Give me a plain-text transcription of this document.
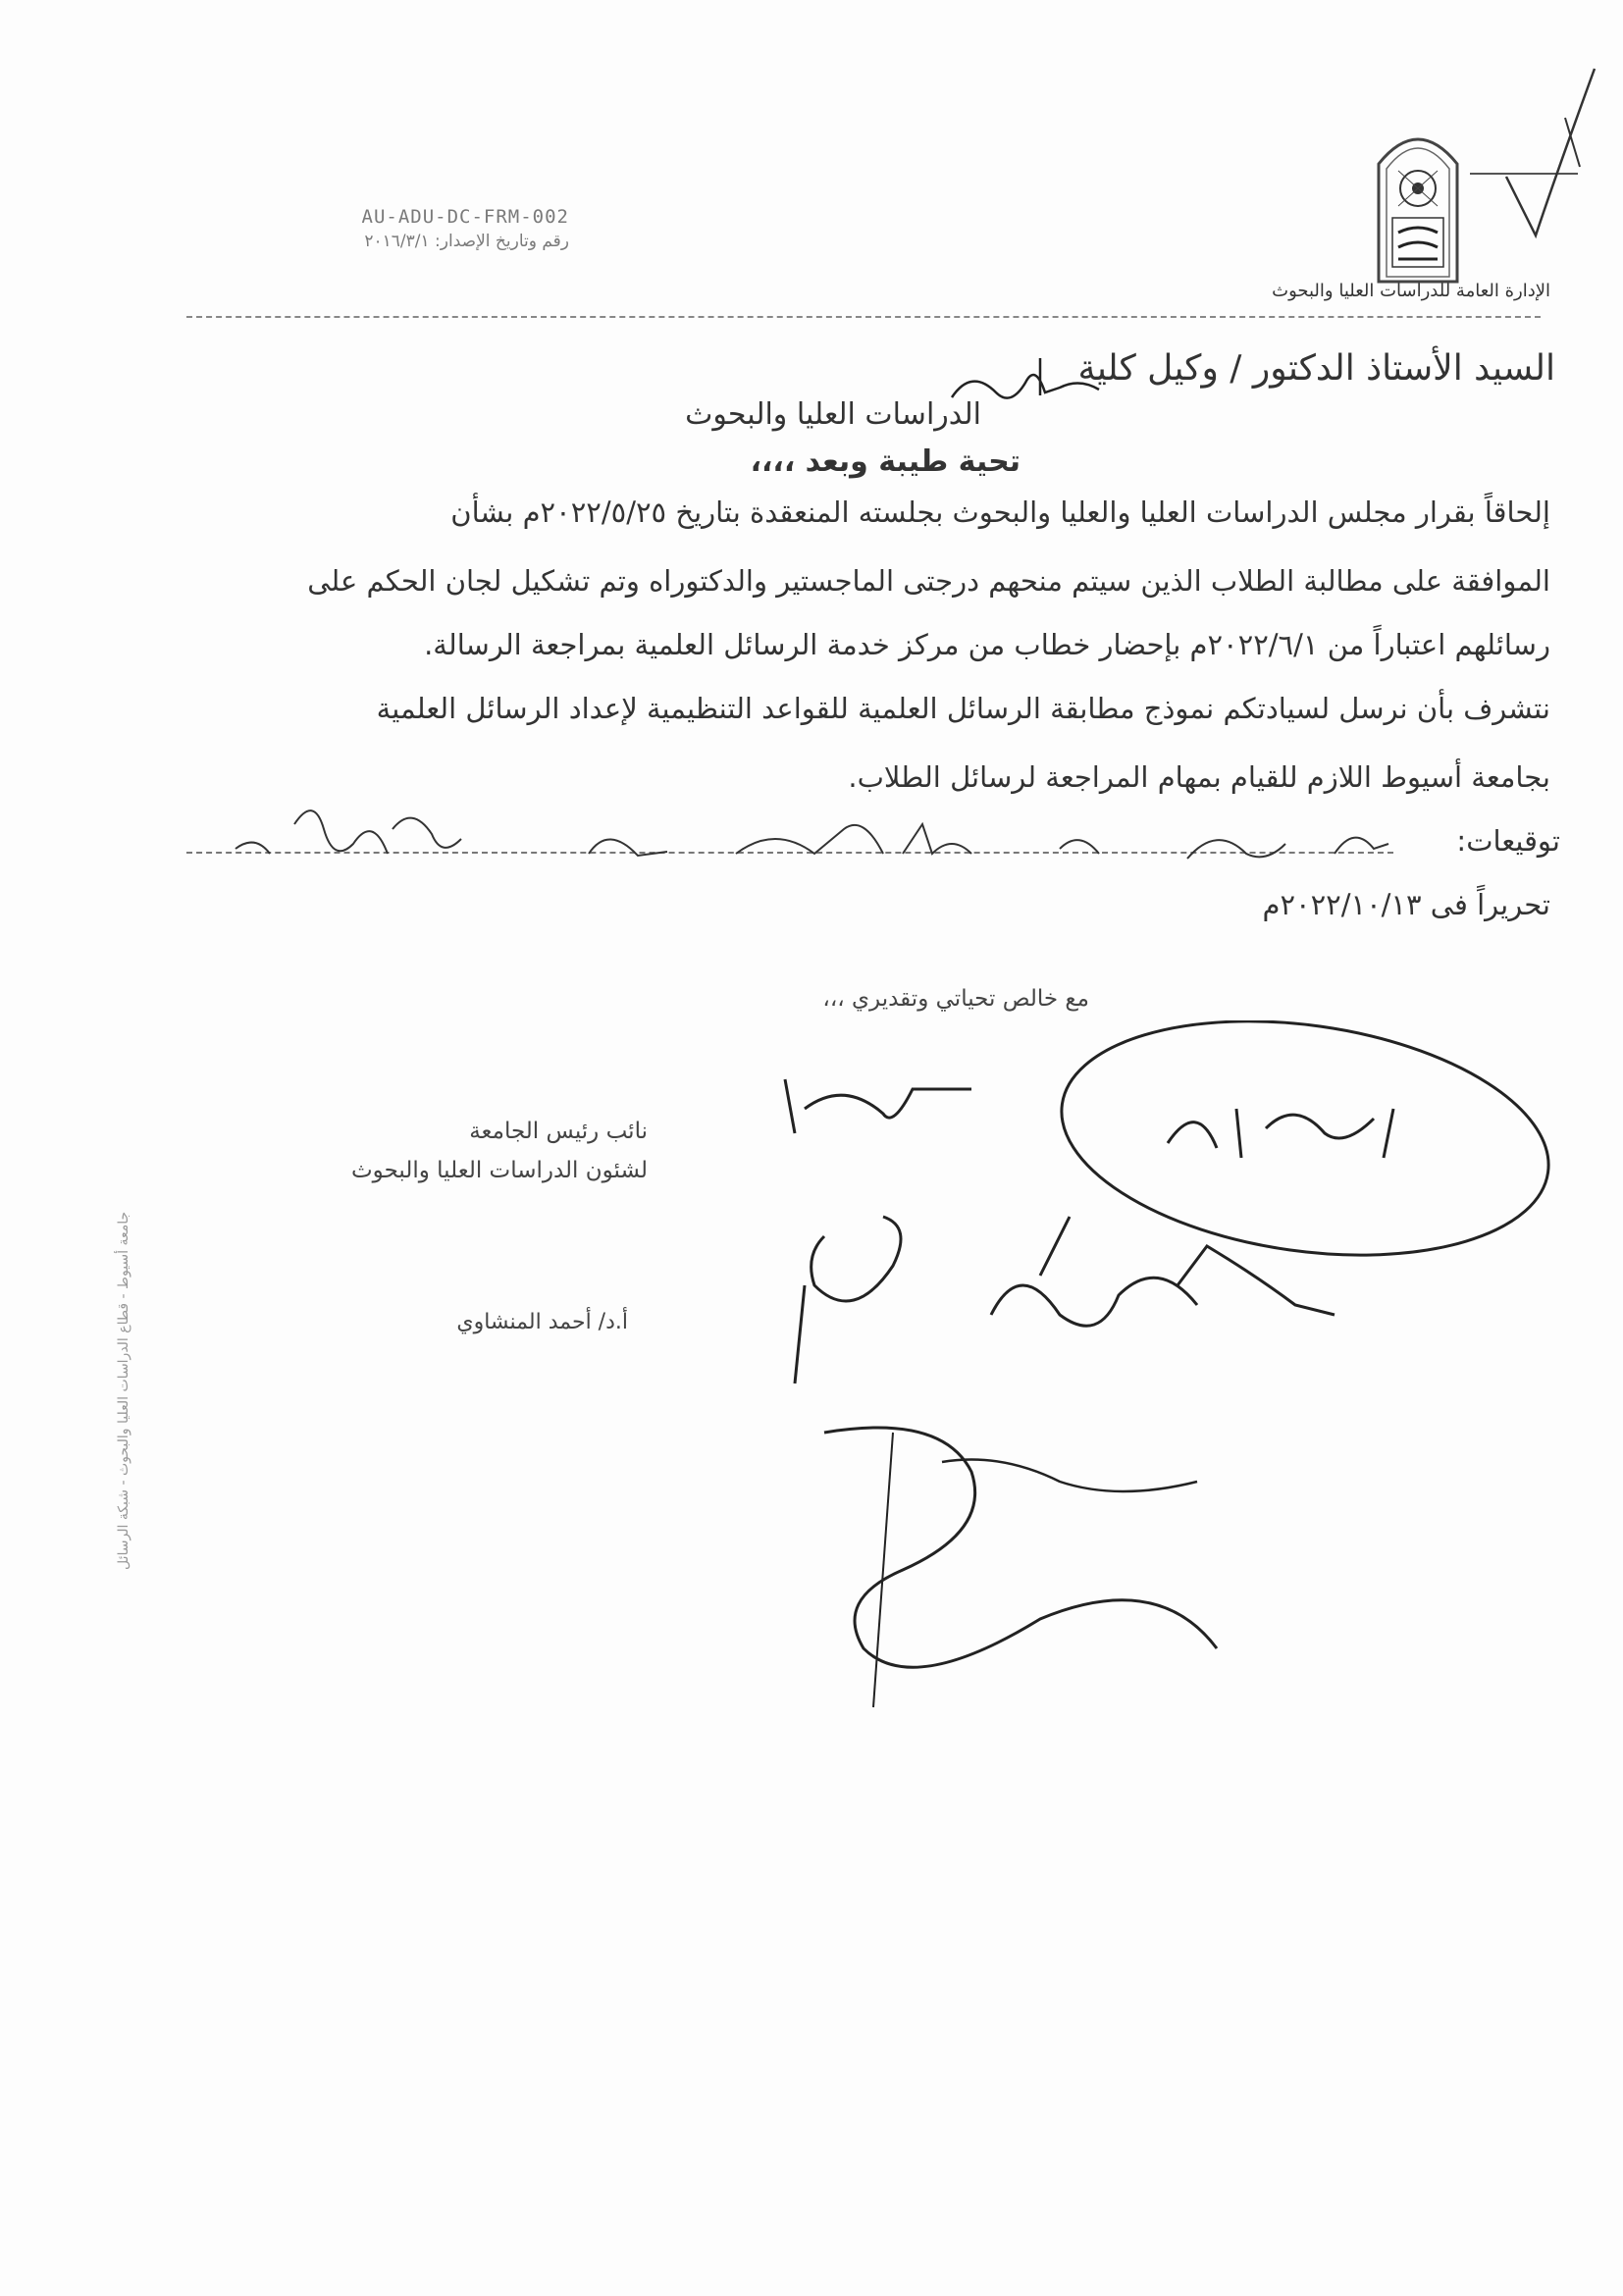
AU-ADU-DC-FRM-002
رقم وتاريخ الإصدار: ٢٠١٦/٣/١
الإدارة العامة للدراسات العليا والبحوث
السيد الأستاذ الدكتور / وكيل كلية
الدراسات العليا والبحوث
تحية طيبة وبعد ،،،،
إلحاقاً بقرار مجلس الدراسات العليا والعليا والبحوث بجلسته المنعقدة بتاريخ ٢٠٢٢/٥/٢٥م بشأن
الموافقة على مطالبة الطلاب الذين سيتم منحهم درجتى الماجستير والدكتوراه وتم تشكيل لجان الحكم على
رسائلهم اعتباراً من ٢٠٢٢/٦/١م بإحضار خطاب من مركز خدمة الرسائل العلمية بمراجعة الرسالة.
نتشرف بأن نرسل لسيادتكم نموذج مطابقة الرسائل العلمية للقواعد التنظيمية لإعداد الرسائل العلمية
بجامعة أسيوط اللازم للقيام بمهام المراجعة لرسائل الطلاب.
توقيعات:
تحريراً فى ٢٠٢٢/١٠/١٣م
مع خالص تحياتي وتقديري ،،،
نائب رئيس الجامعة
لشئون الدراسات العليا والبحوث
أ.د/ أحمد المنشاوي
جامعة أسيوط - قطاع الدراسات العليا والبحوث - شبكة الرسائل
